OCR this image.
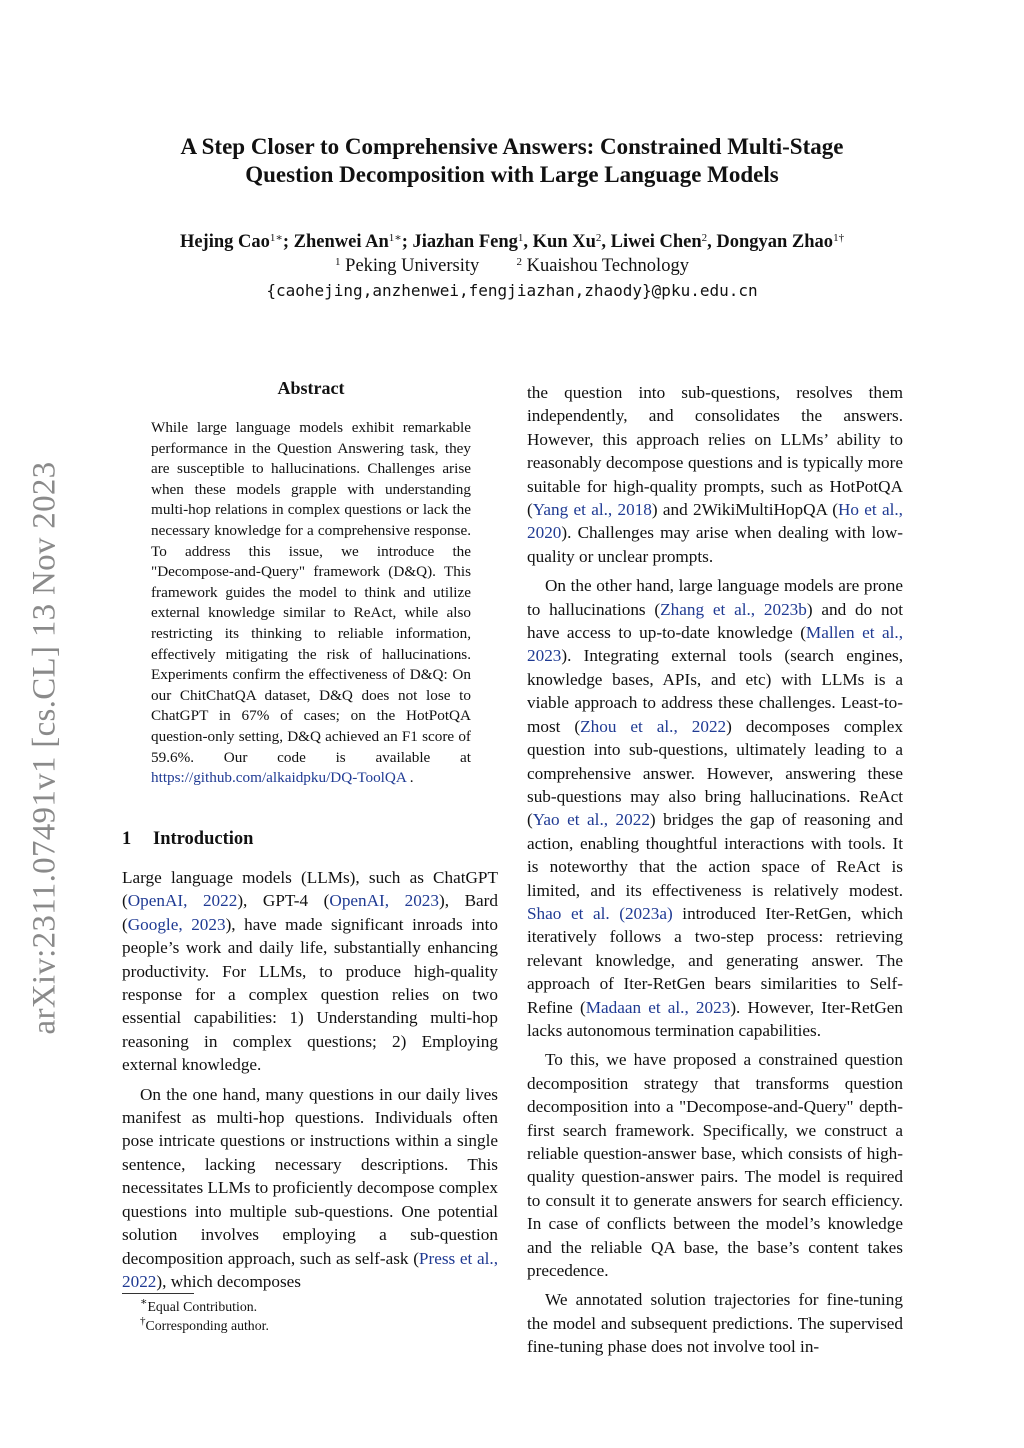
arXiv:2311.07491v1 [cs.CL] 13 Nov 2023
A Step Closer to Comprehensive Answers: Constrained Multi-Stage
Question Decomposition with Large Language Models
Hejing Cao$^{1∗}$; Zhenwei $An^{1∗}$; Jiazhan Feng$^1$, Kun Xu$^2$, Liwei Chen$^2$, Dongyan Zhao$^{1\dagger}$
$^1$ Peking University	$^2$ Kuaishou Technology
{caohejing,anzhenwei,fengjiazhan,zhaody}@pku.edu.cn
Abstract

While large language models exhibit remarkable performance in the Question Answering task, they are susceptible to hallucinations. Challenges arise when these models grapple with understanding multi-hop relations in complex questions or lack the necessary knowledge for a comprehensive response. To address this issue, we introduce the "Decompose-and-Query" framework (D&Q). This framework guides the model to think and utilize external knowledge similar to ReAct, while also restricting its thinking to reliable information, effectively mitigating the risk of hallucinations. Experiments confirm the effectiveness of D&Q: On our ChitChatQA dataset, D&Q does not lose to ChatGPT in 67% of cases; on the HotPotQA question-only setting, D&Q achieved an F1 score of 59.6%. Our code is available at https://github.com/alkaidpku/DQ-ToolQA .

1 Introduction

Large language models (LLMs), such as ChatGPT (OpenAI, 2022), GPT-4 (OpenAI, 2023), Bard (Google, 2023), have made significant inroads into people’s work and daily life, substantially enhancing productivity. For LLMs, to produce high-quality response for a complex question relies on two essential capabilities: 1) Understanding multi-hop reasoning in complex questions; 2) Employing external knowledge.

On the one hand, many questions in our daily lives manifest as multi-hop questions. Individuals often pose intricate questions or instructions within a single sentence, lacking necessary descriptions. This necessitates LLMs to proficiently decompose complex questions into multiple sub-questions. One potential solution involves employing a sub-question decomposition approach, such as self-ask (Press et al., 2022), which decomposes

the question into sub-questions, resolves them independently, and consolidates the answers. However, this approach relies on LLMs’ ability to reasonably decompose questions and is typically more suitable for high-quality prompts, such as HotPotQA (Yang et al., 2018) and 2WikiMultiHopQA (Ho et al., 2020). Challenges may arise when dealing with low-quality or unclear prompts.

On the other hand, large language models are prone to hallucinations (Zhang et al., 2023b) and do not have access to up-to-date knowledge (Mallen et al., 2023). Integrating external tools (search engines, knowledge bases, APIs, and etc) with LLMs is a viable approach to address these challenges. Least-to-most (Zhou et al., 2022) decomposes complex question into sub-questions, ultimately leading to a comprehensive answer. However, answering these sub-questions may also bring hallucinations. ReAct (Yao et al., 2022) bridges the gap of reasoning and action, enabling thoughtful interactions with tools. It is noteworthy that the action space of ReAct is limited, and its effectiveness is relatively modest. Shao et al. (2023a) introduced Iter-RetGen, which iteratively follows a two-step process: retrieving relevant knowledge, and generating answer. The approach of Iter-RetGen bears similarities to Self-Refine (Madaan et al., 2023). However, Iter-RetGen lacks autonomous termination capabilities.

To this, we have proposed a constrained question decomposition strategy that transforms question decomposition into a "Decompose-and-Query" depth-first search framework. Specifically, we construct a reliable question-answer base, which consists of high-quality question-answer pairs. The model is required to consult it to generate answers for search efficiency. In case of conflicts between the model’s knowledge and the reliable QA base, the base’s content takes precedence.

We annotated solution trajectories for fine-tuning the model and subsequent predictions. The supervised fine-tuning phase does not involve tool in-

∗Equal Contribution.
†Corresponding author.
